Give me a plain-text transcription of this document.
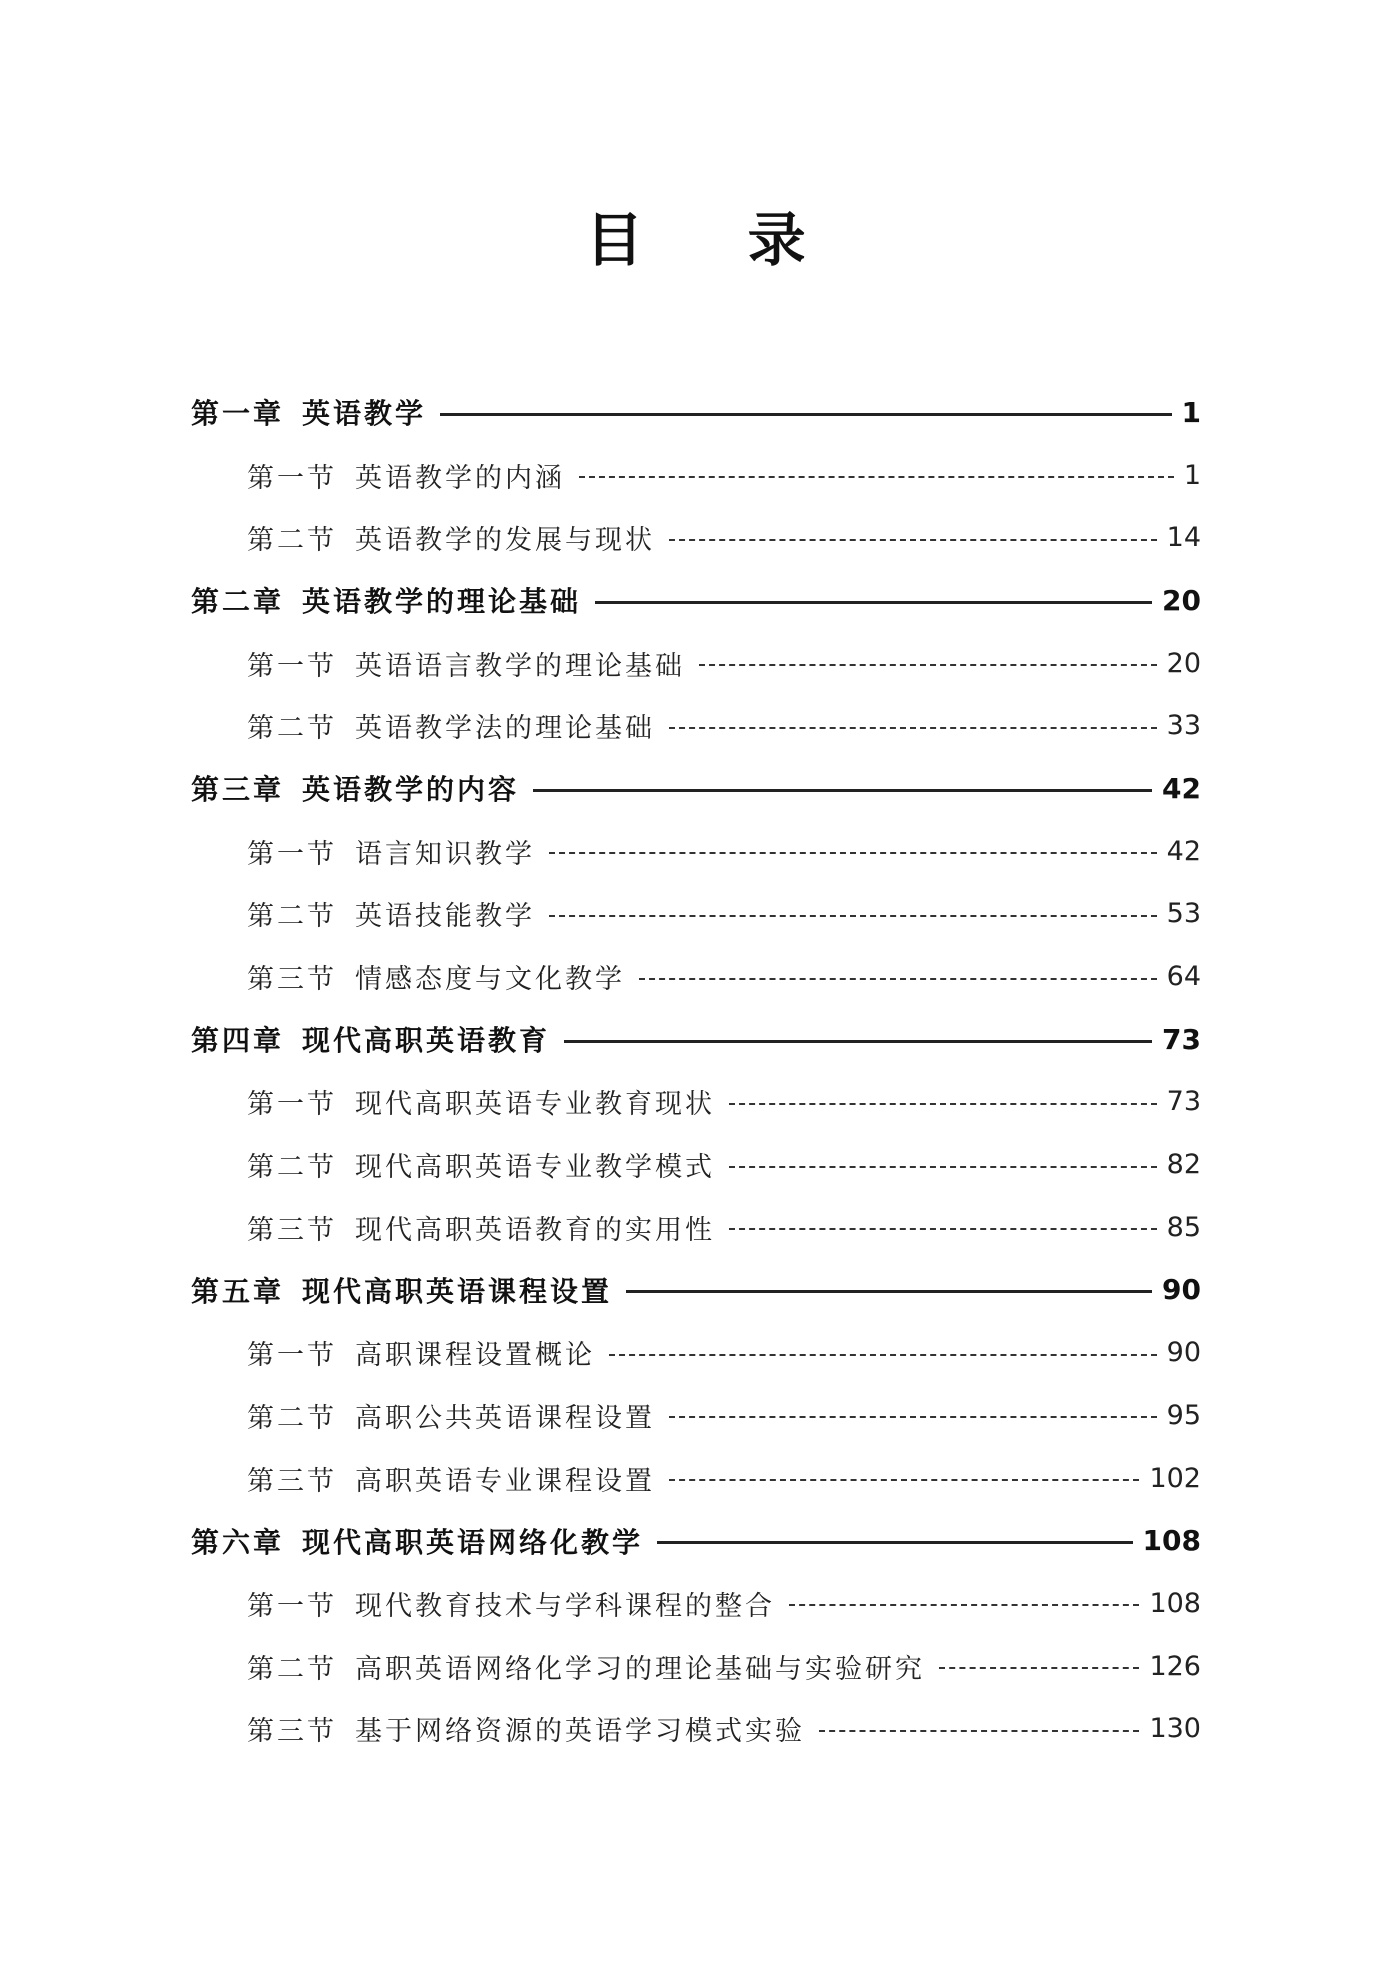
目 录
第一章 英语教学	1
第一节 英语教学的内涵	1
第二节 英语教学的发展与现状	14
第二章 英语教学的理论基础	20
第一节 英语语言教学的理论基础	20
第二节 英语教学法的理论基础	33
第三章 英语教学的内容	42
第一节 语言知识教学	42
第二节 英语技能教学	53
第三节 情感态度与文化教学	64
第四章 现代高职英语教育	73
第一节 现代高职英语专业教育现状	73
第二节 现代高职英语专业教学模式	82
第三节 现代高职英语教育的实用性	85
第五章 现代高职英语课程设置	90
第一节 高职课程设置概论	90
第二节 高职公共英语课程设置	95
第三节 高职英语专业课程设置	102
第六章 现代高职英语网络化教学	108
第一节 现代教育技术与学科课程的整合	108
第二节 高职英语网络化学习的理论基础与实验研究	126
第三节 基于网络资源的英语学习模式实验	130
